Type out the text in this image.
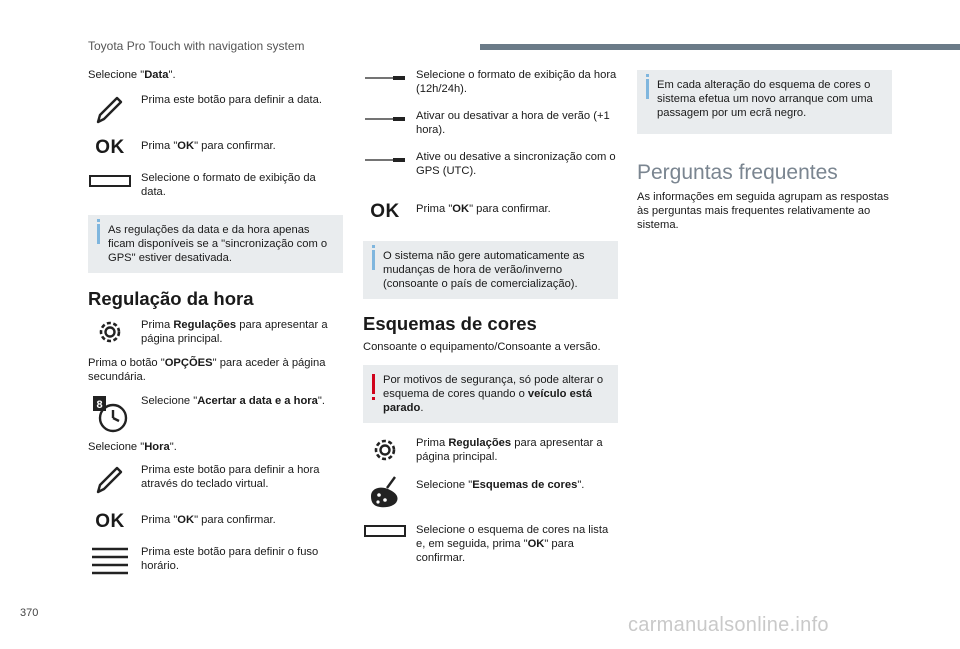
Toyota Pro Touch with navigation system

Selecione "Data".

Prima este botão para definir a data.

OK Prima "OK" para confirmar.

Selecione o formato de exibição da data.

As regulações da data e da hora apenas ficam disponíveis se a "sincronização com o GPS" estiver desativada.

Regulação da hora

Prima Regulações para apresentar a página principal.

Prima o botão "OPÇÕES" para aceder à página secundária.

8	Selecione "Acertar a data e a hora".

Selecione "Hora".

Prima este botão para definir a hora através do teclado virtual.

OK Prima "OK" para confirmar.

Prima este botão para definir o fuso horário.

Selecione o formato de exibição da hora (12h/24h).

Ativar ou desativar a hora de verão (+1 hora).

Ative ou desative a sincronização com o GPS (UTC).

OK Prima "OK" para confirmar.

O sistema não gere automaticamente as mudanças de hora de verão/inverno (consoante o país de comercialização).

Esquemas de cores

Consoante o equipamento/Consoante a versão.

Por motivos de segurança, só pode alterar o esquema de cores quando o veículo está parado.

Prima Regulações para apresentar a página principal.

Selecione "Esquemas de cores".

Selecione o esquema de cores na lista e, em seguida, prima "OK" para confirmar.

Em cada alteração do esquema de cores o sistema efetua um novo arranque com uma passagem por um ecrã negro.

Perguntas frequentes

As informações em seguida agrupam as respostas às perguntas mais frequentes relativamente ao sistema.

370
carmanualsonline.info
